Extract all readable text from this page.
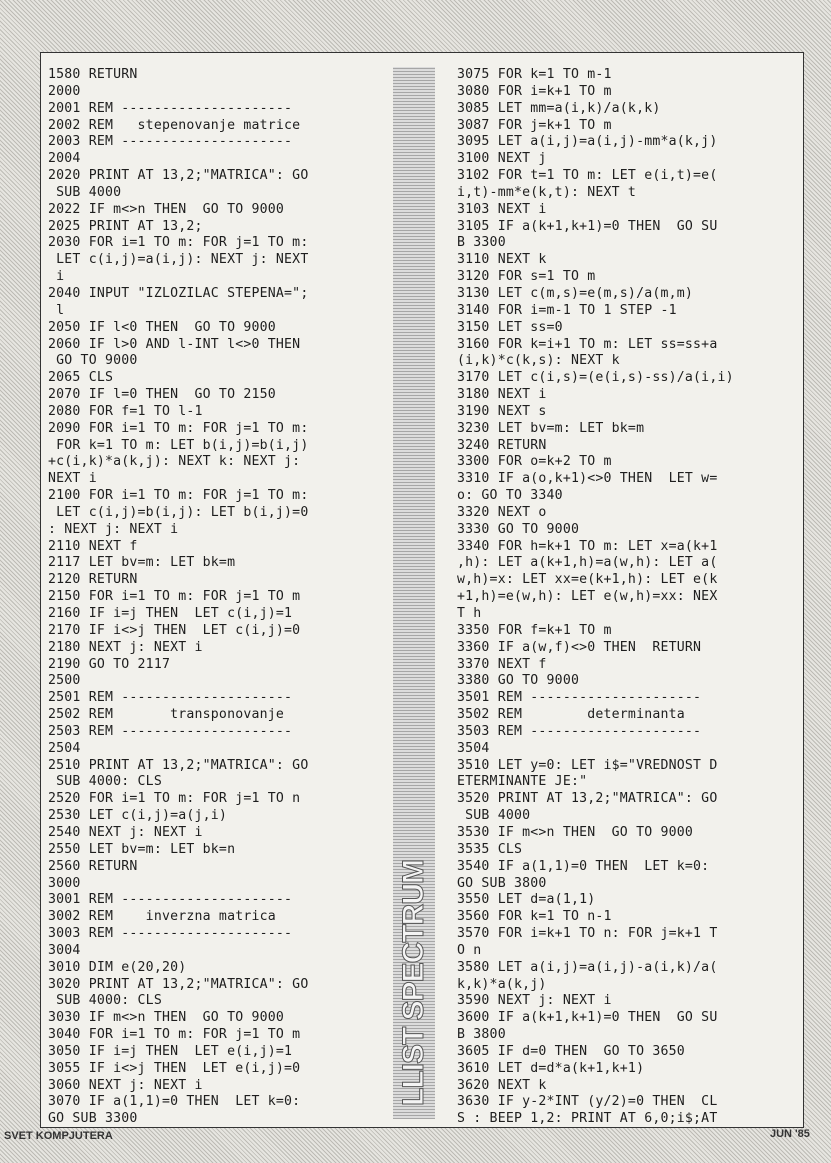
1580 RETURN
2000
2001 REM ---------------------
2002 REM   stepenovanje matrice
2003 REM ---------------------
2004
2020 PRINT AT 13,2;"MATRICA": GO
SUB 4000
2022 IF m<>n THEN  GO TO 9000
2025 PRINT AT 13,2;
2030 FOR i=1 TO m: FOR j=1 TO m:
LET c(i,j)=a(i,j): NEXT j: NEXT
i
2040 INPUT "IZLOZILAC STEPENA=";
l
2050 IF l<0 THEN  GO TO 9000
2060 IF l>0 AND l-INT l<>0 THEN
GO TO 9000
2065 CLS
2070 IF l=0 THEN  GO TO 2150
2080 FOR f=1 TO l-1
2090 FOR i=1 TO m: FOR j=1 TO m:
FOR k=1 TO m: LET b(i,j)=b(i,j)
+c(i,k)*a(k,j): NEXT k: NEXT j:
NEXT i
2100 FOR i=1 TO m: FOR j=1 TO m:
LET c(i,j)=b(i,j): LET b(i,j)=0
: NEXT j: NEXT i
2110 NEXT f
2117 LET bv=m: LET bk=m
2120 RETURN
2150 FOR i=1 TO m: FOR j=1 TO m
2160 IF i=j THEN  LET c(i,j)=1
2170 IF i<>j THEN  LET c(i,j)=0
2180 NEXT j: NEXT i
2190 GO TO 2117
2500
2501 REM ---------------------
2502 REM       transponovanje
2503 REM ---------------------
2504
2510 PRINT AT 13,2;"MATRICA": GO
SUB 4000: CLS
2520 FOR i=1 TO m: FOR j=1 TO n
2530 LET c(i,j)=a(j,i)
2540 NEXT j: NEXT i
2550 LET bv=m: LET bk=n
2560 RETURN
3000
3001 REM ---------------------
3002 REM    inverzna matrica
3003 REM ---------------------
3004
3010 DIM e(20,20)
3020 PRINT AT 13,2;"MATRICA": GO
SUB 4000: CLS
3030 IF m<>n THEN  GO TO 9000
3040 FOR i=1 TO m: FOR j=1 TO m
3050 IF i=j THEN  LET e(i,j)=1
3055 IF i<>j THEN  LET e(i,j)=0
3060 NEXT j: NEXT i
3070 IF a(1,1)=0 THEN  LET k=0:
GO SUB 3300
LLIST SPECTRUM
3075 FOR k=1 TO m-1
3080 FOR i=k+1 TO m
3085 LET mm=a(i,k)/a(k,k)
3087 FOR j=k+1 TO m
3095 LET a(i,j)=a(i,j)-mm*a(k,j)
3100 NEXT j
3102 FOR t=1 TO m: LET e(i,t)=e(
i,t)-mm*e(k,t): NEXT t
3103 NEXT i
3105 IF a(k+1,k+1)=0 THEN  GO SU
B 3300
3110 NEXT k
3120 FOR s=1 TO m
3130 LET c(m,s)=e(m,s)/a(m,m)
3140 FOR i=m-1 TO 1 STEP -1
3150 LET ss=0
3160 FOR k=i+1 TO m: LET ss=ss+a
(i,k)*c(k,s): NEXT k
3170 LET c(i,s)=(e(i,s)-ss)/a(i,i)
3180 NEXT i
3190 NEXT s
3230 LET bv=m: LET bk=m
3240 RETURN
3300 FOR o=k+2 TO m
3310 IF a(o,k+1)<>0 THEN  LET w=
o: GO TO 3340
3320 NEXT o
3330 GO TO 9000
3340 FOR h=k+1 TO m: LET x=a(k+1
,h): LET a(k+1,h)=a(w,h): LET a(
w,h)=x: LET xx=e(k+1,h): LET e(k
+1,h)=e(w,h): LET e(w,h)=xx: NEX
T h
3350 FOR f=k+1 TO m
3360 IF a(w,f)<>0 THEN  RETURN
3370 NEXT f
3380 GO TO 9000
3501 REM ---------------------
3502 REM        determinanta
3503 REM ---------------------
3504
3510 LET y=0: LET i$="VREDNOST D
ETERMINANTE JE:"
3520 PRINT AT 13,2;"MATRICA": GO
SUB 4000
3530 IF m<>n THEN  GO TO 9000
3535 CLS
3540 IF a(1,1)=0 THEN  LET k=0:
GO SUB 3800
3550 LET d=a(1,1)
3560 FOR k=1 TO n-1
3570 FOR i=k+1 TO n: FOR j=k+1 T
O n
3580 LET a(i,j)=a(i,j)-a(i,k)/a(
k,k)*a(k,j)
3590 NEXT j: NEXT i
3600 IF a(k+1,k+1)=0 THEN  GO SU
B 3800
3605 IF d=0 THEN  GO TO 3650
3610 LET d=d*a(k+1,k+1)
3620 NEXT k
3630 IF y-2*INT (y/2)=0 THEN  CL
S : BEEP 1,2: PRINT AT 6,0;i$;AT
SVET KOMPJUTERA	JUN '85
